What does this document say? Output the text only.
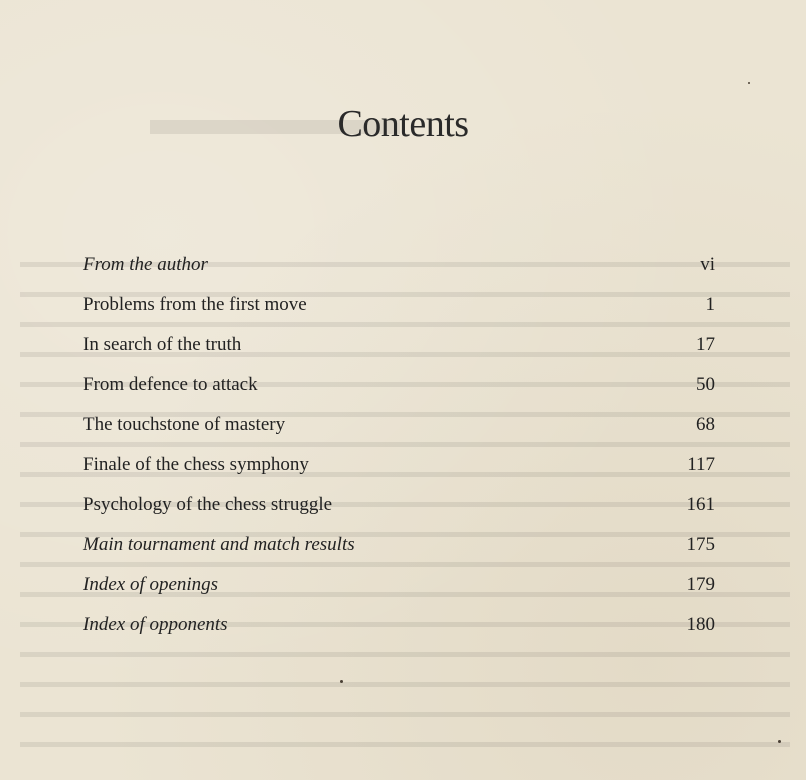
Contents
From the author	vi
Problems from the first move	1
In search of the truth	17
From defence to attack	50
The touchstone of mastery	68
Finale of the chess symphony	117
Psychology of the chess struggle	161
Main tournament and match results	175
Index of openings	179
Index of opponents	180
